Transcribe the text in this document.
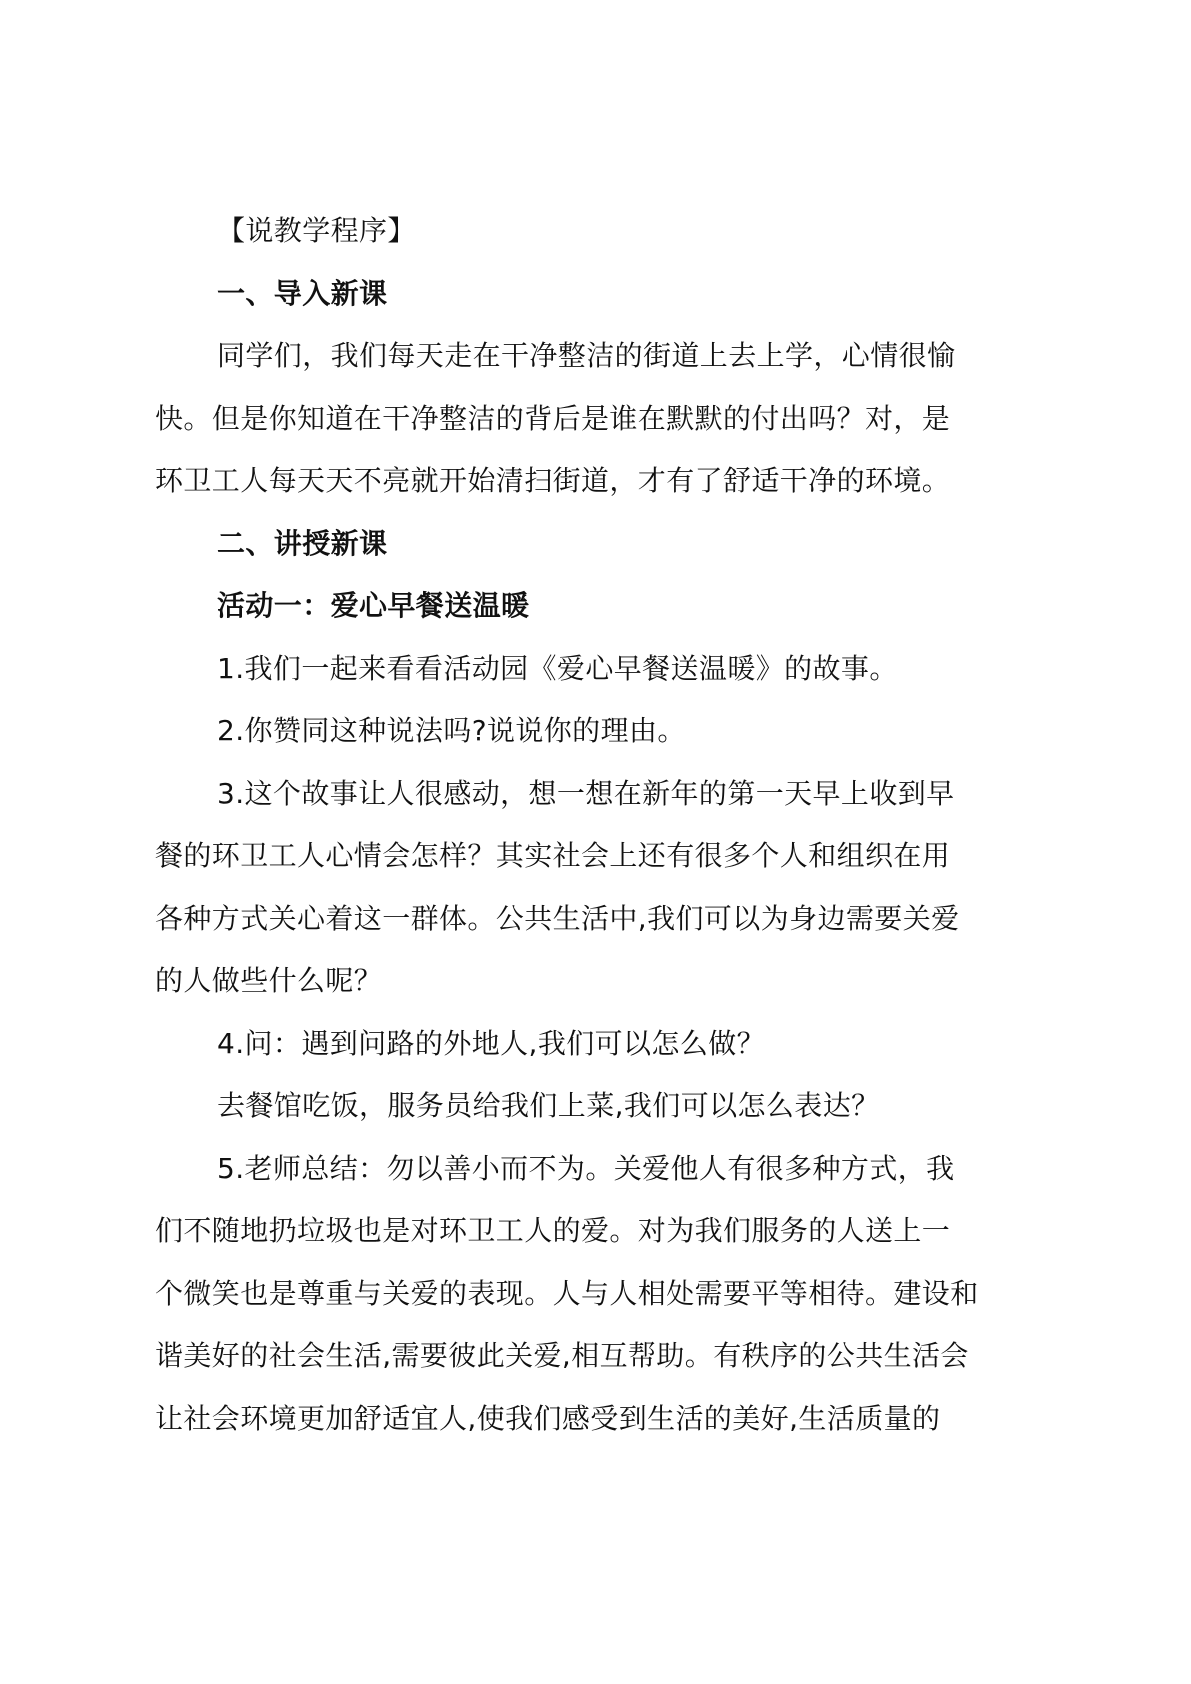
【说教学程序】
一、导入新课
同学们，我们每天走在干净整洁的街道上去上学，心情很愉
快。但是你知道在干净整洁的背后是谁在默默的付出吗？对，是
环卫工人每天天不亮就开始清扫街道，才有了舒适干净的环境。
二、讲授新课
活动一：爱心早餐送温暖
1.我们一起来看看活动园《爱心早餐送温暖》的故事。
2.你赞同这种说法吗?说说你的理由。
3.这个故事让人很感动，想一想在新年的第一天早上收到早
餐的环卫工人心情会怎样？其实社会上还有很多个人和组织在用
各种方式关心着这一群体。公共生活中,我们可以为身边需要关爱
的人做些什么呢？
4.问：遇到问路的外地人,我们可以怎么做？
去餐馆吃饭，服务员给我们上菜,我们可以怎么表达？
5.老师总结：勿以善小而不为。关爱他人有很多种方式，我
们不随地扔垃圾也是对环卫工人的爱。对为我们服务的人送上一
个微笑也是尊重与关爱的表现。人与人相处需要平等相待。建设和
谐美好的社会生活,需要彼此关爱,相互帮助。有秩序的公共生活会
让社会环境更加舒适宜人,使我们感受到生活的美好,生活质量的
